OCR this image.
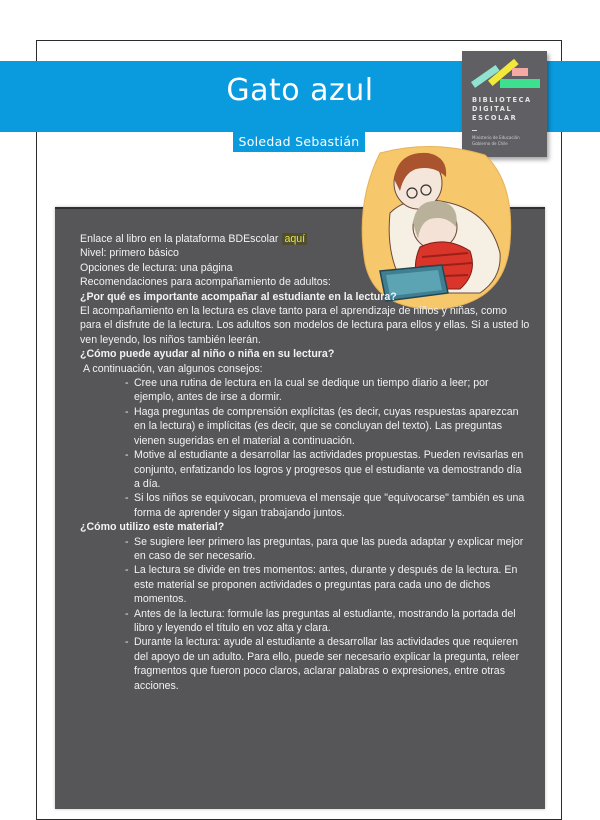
Gato azul
Soledad Sebastián
BIBLIOTECA
DIGITAL
ESCOLAR
Ministerio de Educación
Gobierno de Chile

Enlace al libro en la plataforma BDEscolar aquí

Nivel: primero básico

Opciones de lectura: una página

Recomendaciones para acompañamiento de adultos:

¿Por qué es importante acompañar al estudiante en la lectura?

El acompañamiento en la lectura es clave tanto para el aprendizaje de niños y niñas, como para el disfrute de la lectura. Los adultos son modelos de lectura para ellos y ellas. Si a usted lo ven leyendo, los niños también leerán.

¿Cómo puede ayudar al niño o niña en su lectura?

A continuación, van algunos consejos:

- Cree una rutina de lectura en la cual se dedique un tiempo diario a leer; por ejemplo, antes de irse a dormir.
- Haga preguntas de comprensión explícitas (es decir, cuyas respuestas aparezcan en la lectura) e implícitas (es decir, que se concluyan del texto). Las preguntas vienen sugeridas en el material a continuación.
- Motive al estudiante a desarrollar las actividades propuestas. Pueden revisarlas en conjunto, enfatizando los logros y progresos que el estudiante va demostrando día a día.
- Si los niños se equivocan, promueva el mensaje que "equivocarse" también es una forma de aprender y sigan trabajando juntos.

¿Cómo utilizo este material?

- Se sugiere leer primero las preguntas, para que las pueda adaptar y explicar mejor en caso de ser necesario.
- La lectura se divide en tres momentos: antes, durante y después de la lectura. En este material se proponen actividades o preguntas para cada uno de dichos momentos.
- Antes de la lectura: formule las preguntas al estudiante, mostrando la portada del libro y leyendo el título en voz alta y clara.
- Durante la lectura: ayude al estudiante a desarrollar las actividades que requieren del apoyo de un adulto. Para ello, puede ser necesario explicar la pregunta, releer fragmentos que fueron poco claros, aclarar palabras o expresiones, entre otras acciones.
